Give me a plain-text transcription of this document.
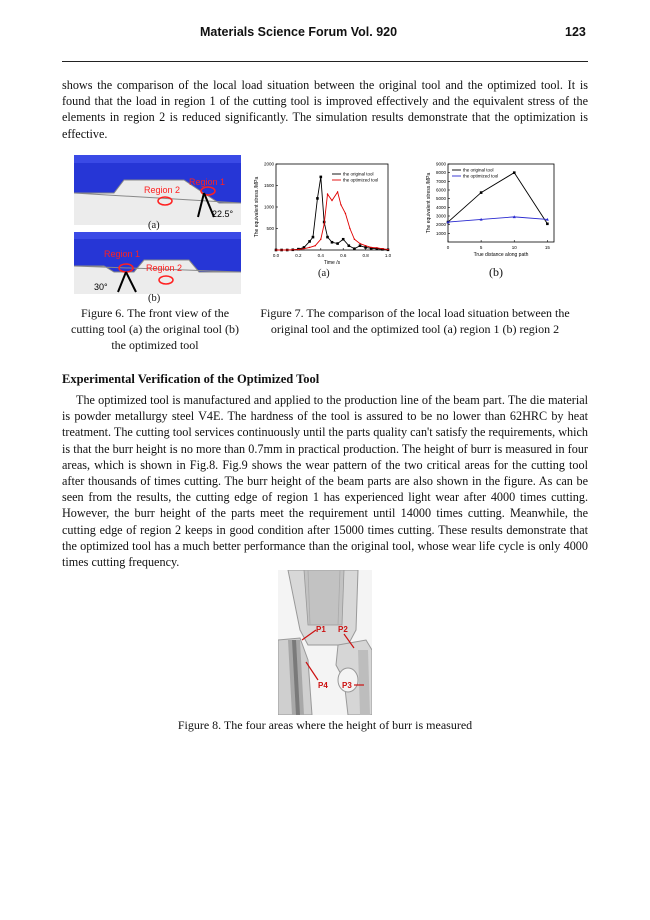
Materials Science Forum Vol. 920	123

shows the comparison of the local load situation between the original tool and the optimized tool. It is found that the load in region 1 of the cutting tool is improved effectively and the equivalent stress of the elements in region 2 is reduced significantly. The simulation results demonstrate that the optimization is effective.

Region 2
Region 1
22.5°
(a)
Region 1
Region 2
30°
(b)
Figure 6. The front view of the cutting tool (a) the original tool (b) the optimized tool
0.0	0.2	0.4	0.6	0.8	1.0
500
1000
1500
2000
Time /s
The equivalent stress /MPa
the original tool
the optimized tool
(a)
0	5	10	15
1000
2000
3000
4000
5000
6000
7000
8000
9000
True distance along path
The equivalent stress /MPa
the original tool
the optimized tool
(b)
Figure 7. The comparison of the local load situation between the original tool and the optimized tool (a) region 1 (b) region 2
Experimental Verification of the Optimized Tool

The optimized tool is manufactured and applied to the production line of the beam part. The die material is powder metallurgy steel V4E. The hardness of the tool is assured to be no lower than 62HRC by heat treatment. The cutting tool services continuously until the parts quality can't satisfy the requirements, which is that the burr height is no more than 0.7mm in practical production. The height of burr is measured in four areas, which is shown in Fig.8. Fig.9 shows the wear pattern of the two critical areas for the cutting tool after thousands of times cutting. The burr height of the beam parts are also shown in the figure. As can be seen from the results, the cutting edge of region 1 has experienced light wear after 4000 times cutting. However, the burr height of the parts meet the requirement until 14000 times cutting. Meanwhile, the cutting edge of region 2 keeps in good condition after 15000 times cutting. These results demonstrate that the optimized tool has a much better performance than the original tool, whose wear life cycle is only 4000 times cutting frequency.

P1 P2
P4 P3
Figure 8. The four areas where the height of burr is measured
